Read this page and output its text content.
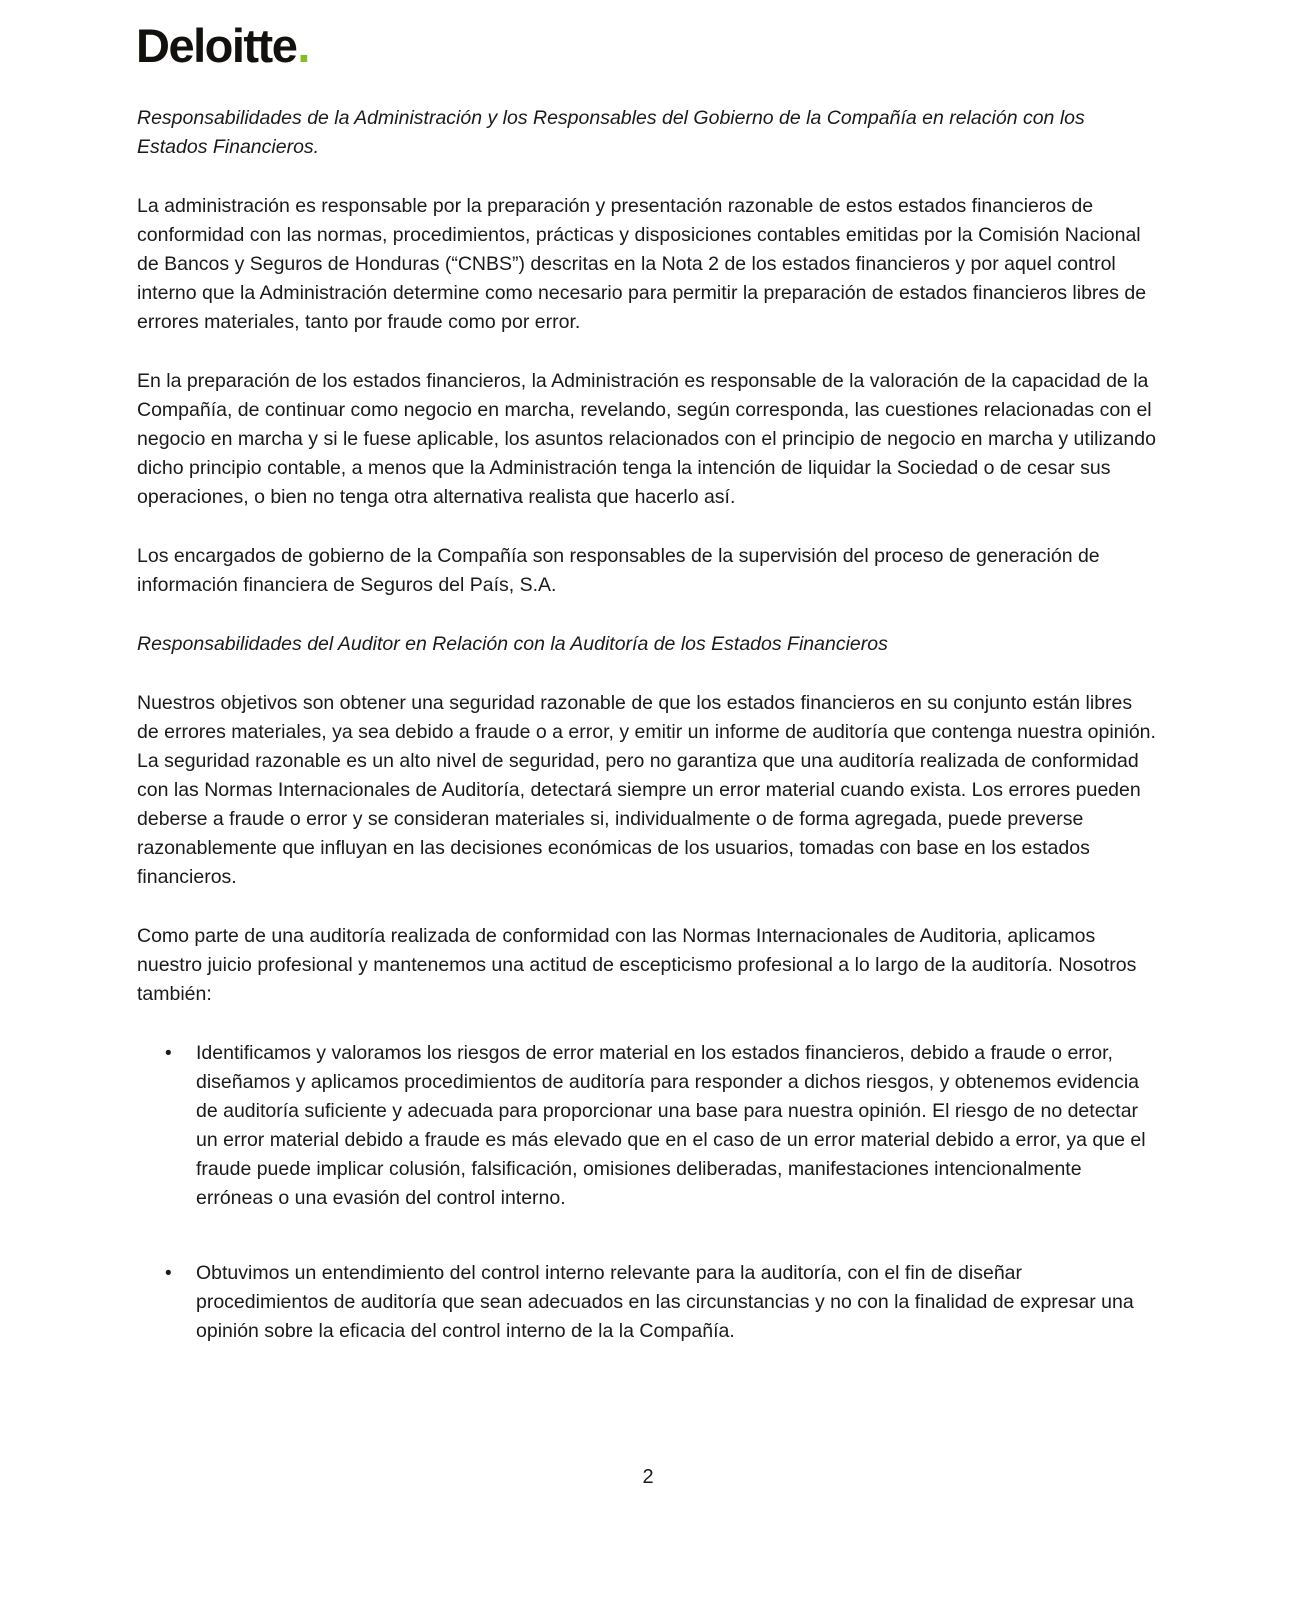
Deloitte.

Responsabilidades de la Administración y los Responsables del Gobierno de la Compañía en relación con los Estados Financieros.

La administración es responsable por la preparación y presentación razonable de estos estados financieros de conformidad con las normas, procedimientos, prácticas y disposiciones contables emitidas por la Comisión Nacional de Bancos y Seguros de Honduras (“CNBS”) descritas en la Nota 2 de los estados financieros y por aquel control interno que la Administración determine como necesario para permitir la preparación de estados financieros libres de errores materiales, tanto por fraude como por error.

En la preparación de los estados financieros, la Administración es responsable de la valoración de la capacidad de la Compañía, de continuar como negocio en marcha, revelando, según corresponda, las cuestiones relacionadas con el negocio en marcha y si le fuese aplicable, los asuntos relacionados con el principio de negocio en marcha y utilizando dicho principio contable, a menos que la Administración tenga la intención de liquidar la Sociedad o de cesar sus operaciones, o bien no tenga otra alternativa realista que hacerlo así.

Los encargados de gobierno de la Compañía son responsables de la supervisión del proceso de generación de información financiera de Seguros del País, S.A.

Responsabilidades del Auditor en Relación con la Auditoría de los Estados Financieros

Nuestros objetivos son obtener una seguridad razonable de que los estados financieros en su conjunto están libres de errores materiales, ya sea debido a fraude o a error, y emitir un informe de auditoría que contenga nuestra opinión. La seguridad razonable es un alto nivel de seguridad, pero no garantiza que una auditoría realizada de conformidad con las Normas Internacionales de Auditoría, detectará siempre un error material cuando exista. Los errores pueden deberse a fraude o error y se consideran materiales si, individualmente o de forma agregada, puede preverse razonablemente que influyan en las decisiones económicas de los usuarios, tomadas con base en los estados financieros.

Como parte de una auditoría realizada de conformidad con las Normas Internacionales de Auditoria, aplicamos nuestro juicio profesional y mantenemos una actitud de escepticismo profesional a lo largo de la auditoría. Nosotros también:

• Identificamos y valoramos los riesgos de error material en los estados financieros, debido a fraude o error, diseñamos y aplicamos procedimientos de auditoría para responder a dichos riesgos, y obtenemos evidencia de auditoría suficiente y adecuada para proporcionar una base para nuestra opinión. El riesgo de no detectar un error material debido a fraude es más elevado que en el caso de un error material debido a error, ya que el fraude puede implicar colusión, falsificación, omisiones deliberadas, manifestaciones intencionalmente erróneas o una evasión del control interno.
• Obtuvimos un entendimiento del control interno relevante para la auditoría, con el fin de diseñar procedimientos de auditoría que sean adecuados en las circunstancias y no con la finalidad de expresar una opinión sobre la eficacia del control interno de la la Compañía.
2
